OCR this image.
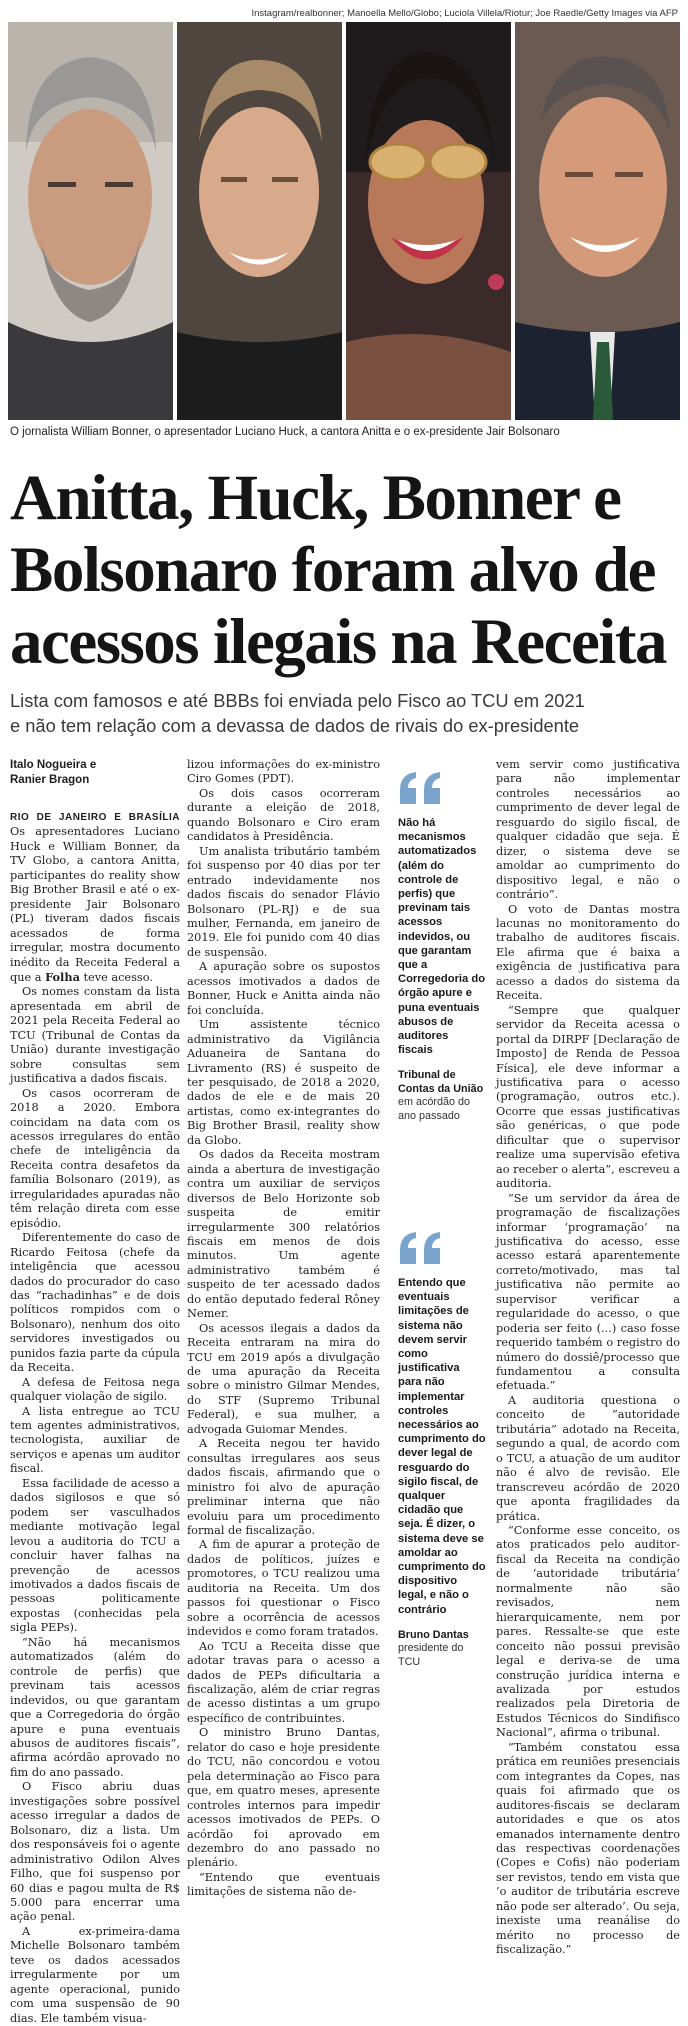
Instagram/realbonner; Manoella Mello/Globo; Luciola Villela/Riotur; Joe Raedle/Getty Images via AFP
O jornalista William Bonner, o apresentador Luciano Huck, a cantora Anitta e o ex-presidente Jair Bolsonaro
Anitta, Huck, Bonner e
Bolsonaro foram alvo de
acessos ilegais na Receita
Lista com famosos e até BBBs foi enviada pelo Fisco ao TCU em 2021
e não tem relação com a devassa de dados de rivais do ex-presidente
Italo Nogueira e
Ranier Bragon

RIO DE JANEIRO E BRASÍLIA Os apresentadores Luciano Huck e William Bonner, da TV Globo, a cantora Anitta, participantes do reality show Big Brother Brasil e até o ex-presidente Jair Bolsonaro (PL) tiveram dados fiscais acessados de forma irregular, mostra documento inédito da Receita Federal a que a Folha teve acesso.

Os nomes constam da lista apresentada em abril de 2021 pela Receita Federal ao TCU (Tribunal de Contas da União) durante investigação sobre consultas sem justificativa a dados fiscais.

Os casos ocorreram de 2018 a 2020. Embora coincidam na data com os acessos irregulares do então chefe de inteligência da Receita contra desafetos da família Bolsonaro (2019), as irregularidades apuradas não têm relação direta com esse episódio.

Diferentemente do caso de Ricardo Feitosa (chefe da inteligência que acessou dados do procurador do caso das “rachadinhas” e de dois políticos rompidos com o Bolsonaro), nenhum dos oito servidores investigados ou punidos fazia parte da cúpula da Receita.

A defesa de Feitosa nega qualquer violação de sigilo.

A lista entregue ao TCU tem agentes administrativos, tecnologista, auxiliar de serviços e apenas um auditor fiscal.

Essa facilidade de acesso a dados sigilosos e que só podem ser vasculhados mediante motivação legal levou a auditoria do TCU a concluir haver falhas na prevenção de acessos imotivados a dados fiscais de pessoas politicamente expostas (conhecidas pela sigla PEPs).

“Não há mecanismos automatizados (além do controle de perfis) que previnam tais acessos indevidos, ou que garantam que a Corregedoria do órgão apure e puna eventuais abusos de auditores fiscais”, afirma acórdão aprovado no fim do ano passado.

O Fisco abriu duas investigações sobre possível acesso irregular a dados de Bolsonaro, diz a lista. Um dos responsáveis foi o agente administrativo Odilon Alves Filho, que foi suspenso por 60 dias e pagou multa de R$ 5.000 para encerrar uma ação penal.

A ex-primeira-dama Michelle Bolsonaro também teve os dados acessados irregularmente por um agente operacional, punido com uma suspensão de 90 dias. Ele também visua-

lizou informações do ex-ministro Ciro Gomes (PDT).

Os dois casos ocorreram durante a eleição de 2018, quando Bolsonaro e Ciro eram candidatos à Presidência.

Um analista tributário também foi suspenso por 40 dias por ter entrado indevidamente nos dados fiscais do senador Flávio Bolsonaro (PL-RJ) e de sua mulher, Fernanda, em janeiro de 2019. Ele foi punido com 40 dias de suspensão.

A apuração sobre os supostos acessos imotivados a dados de Bonner, Huck e Anitta ainda não foi concluída.

Um assistente técnico administrativo da Vigilância Aduaneira de Santana do Livramento (RS) é suspeito de ter pesquisado, de 2018 a 2020, dados de ele e de mais 20 artistas, como ex-integrantes do Big Brother Brasil, reality show da Globo.

Os dados da Receita mostram ainda a abertura de investigação contra um auxiliar de serviços diversos de Belo Horizonte sob suspeita de emitir irregularmente 300 relatórios fiscais em menos de dois minutos. Um agente administrativo também é suspeito de ter acessado dados do então deputado federal Rôney Nemer.

Os acessos ilegais a dados da Receita entraram na mira do TCU em 2019 após a divulgação de uma apuração da Receita sobre o ministro Gilmar Mendes, do STF (Supremo Tribunal Federal), e sua mulher, a advogada Guiomar Mendes.

A Receita negou ter havido consultas irregulares aos seus dados fiscais, afirmando que o ministro foi alvo de apuração preliminar interna que não evoluiu para um procedimento formal de fiscalização.

A fim de apurar a proteção de dados de políticos, juízes e promotores, o TCU realizou uma auditoria na Receita. Um dos passos foi questionar o Fisco sobre a ocorrência de acessos indevidos e como foram tratados.

Ao TCU a Receita disse que adotar travas para o acesso a dados de PEPs dificultaria a fiscalização, além de criar regras de acesso distintas a um grupo específico de contribuintes.

O ministro Bruno Dantas, relator do caso e hoje presidente do TCU, não concordou e votou pela determinação ao Fisco para que, em quatro meses, apresente controles internos para impedir acessos imotivados de PEPs. O acórdão foi aprovado em dezembro do ano passado no plenário.

“Entendo que eventuais limitações de sistema não de-

Não há mecanismos automatizados (além do controle de perfis) que previnam tais acessos indevidos, ou que garantam que a Corregedoria do órgão apure e puna eventuais abusos de auditores fiscais
Tribunal de Contas da União
em acórdão do ano passado
Entendo que eventuais limitações de sistema não devem servir como justificativa para não implementar controles necessários ao cumprimento do dever legal de resguardo do sigilo fiscal, de qualquer cidadão que seja. É dizer, o sistema deve se amoldar ao cumprimento do dispositivo legal, e não o contrário
Bruno Dantas
presidente do TCU

vem servir como justificativa para não implementar controles necessários ao cumprimento de dever legal de resguardo do sigilo fiscal, de qualquer cidadão que seja. É dizer, o sistema deve se amoldar ao cumprimento do dispositivo legal, e não o contrário”.

O voto de Dantas mostra lacunas no monitoramento do trabalho de auditores fiscais. Ele afirma que é baixa a exigência de justificativa para acesso a dados do sistema da Receita.

“Sempre que qualquer servidor da Receita acessa o portal da DIRPF [Declaração de Imposto] de Renda de Pessoa Física], ele deve informar a justificativa para o acesso (programação, outros etc.). Ocorre que essas justificativas são genéricas, o que pode dificultar que o supervisor realize uma supervisão efetiva ao receber o alerta”, escreveu a auditoria.

“Se um servidor da área de programação de fiscalizações informar ‘programação’ na justificativa do acesso, esse acesso estará aparentemente correto/motivado, mas tal justificativa não permite ao supervisor verificar a regularidade do acesso, o que poderia ser feito (...) caso fosse requerido também o registro do número do dossiê/processo que fundamentou a consulta efetuada.”

A auditoria questiona o conceito de “autoridade tributária” adotado na Receita, segundo a qual, de acordo com o TCU, a atuação de um auditor não é alvo de revisão. Ele transcreveu acórdão de 2020 que aponta fragilidades da prática.

“Conforme esse conceito, os atos praticados pelo auditor-fiscal da Receita na condição de ‘autoridade tributária’ normalmente não são revisados, nem hierarquicamente, nem por pares. Ressalte-se que este conceito não possui previsão legal e deriva-se de uma construção jurídica interna e avalizada por estudos realizados pela Diretoria de Estudos Técnicos do Sindifisco Nacional”, afirma o tribunal.

“Também constatou essa prática em reuniões presenciais com integrantes da Copes, nas quais foi afirmado que os auditores-fiscais se declaram autoridades e que os atos emanados internamente dentro das respectivas coordenações (Copes e Cofis) não poderiam ser revistos, tendo em vista que ‘o auditor de tributária escreve não pode ser alterado’. Ou seja, inexiste uma reanálise do mérito no processo de fiscalização.”
